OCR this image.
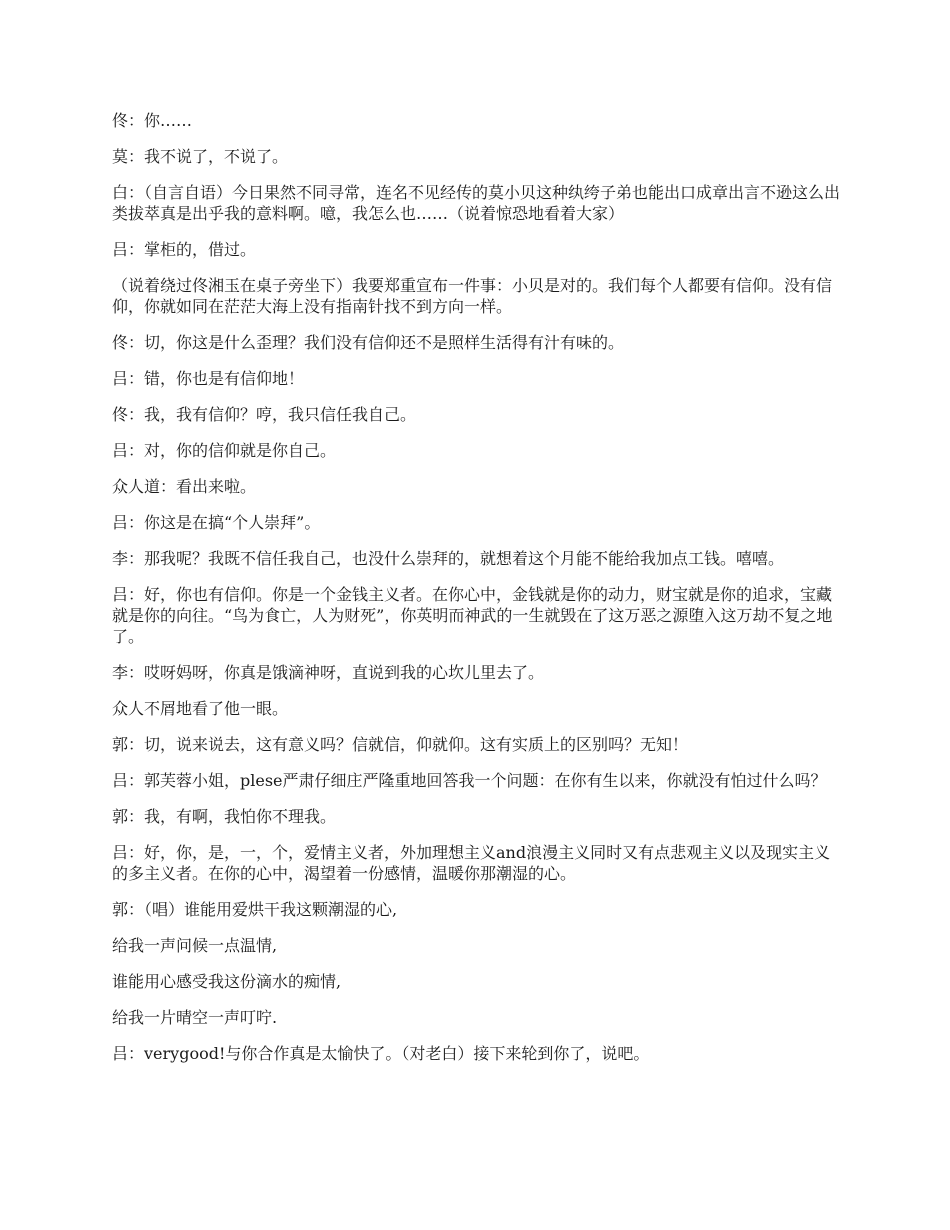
佟：你……

莫：我不说了，不说了。

白：（自言自语）今日果然不同寻常，连名不见经传的莫小贝这种纨绔子弟也能出口成章出言不逊这么出类拔萃真是出乎我的意料啊。噫，我怎么也……（说着惊恐地看着大家）

吕：掌柜的，借过。

（说着绕过佟湘玉在桌子旁坐下）我要郑重宣布一件事：小贝是对的。我们每个人都要有信仰。没有信仰，你就如同在茫茫大海上没有指南针找不到方向一样。

佟：切，你这是什么歪理？我们没有信仰还不是照样生活得有汁有味的。

吕：错，你也是有信仰地！

佟：我，我有信仰？哼，我只信任我自己。

吕：对，你的信仰就是你自己。

众人道：看出来啦。

吕：你这是在搞“个人崇拜”。

李：那我呢？我既不信任我自己，也没什么崇拜的，就想着这个月能不能给我加点工钱。嘻嘻。

吕：好，你也有信仰。你是一个金钱主义者。在你心中，金钱就是你的动力，财宝就是你的追求，宝藏就是你的向往。“鸟为食亡，人为财死”，你英明而神武的一生就毁在了这万恶之源堕入这万劫不复之地了。

李：哎呀妈呀，你真是饿滴神呀，直说到我的心坎儿里去了。

众人不屑地看了他一眼。

郭：切，说来说去，这有意义吗？信就信，仰就仰。这有实质上的区别吗？无知！

吕：郭芙蓉小姐，plese严肃仔细庄严隆重地回答我一个问题：在你有生以来，你就没有怕过什么吗？

郭：我，有啊，我怕你不理我。

吕：好，你，是，一，个，爱情主义者，外加理想主义and浪漫主义同时又有点悲观主义以及现实主义的多主义者。在你的心中，渴望着一份感情，温暖你那潮湿的心。

郭：（唱）谁能用爱烘干我这颗潮湿的心,

给我一声问候一点温情,

谁能用心感受我这份滴水的痴情,

给我一片晴空一声叮咛.

吕：verygood!与你合作真是太愉快了。（对老白）接下来轮到你了，说吧。
